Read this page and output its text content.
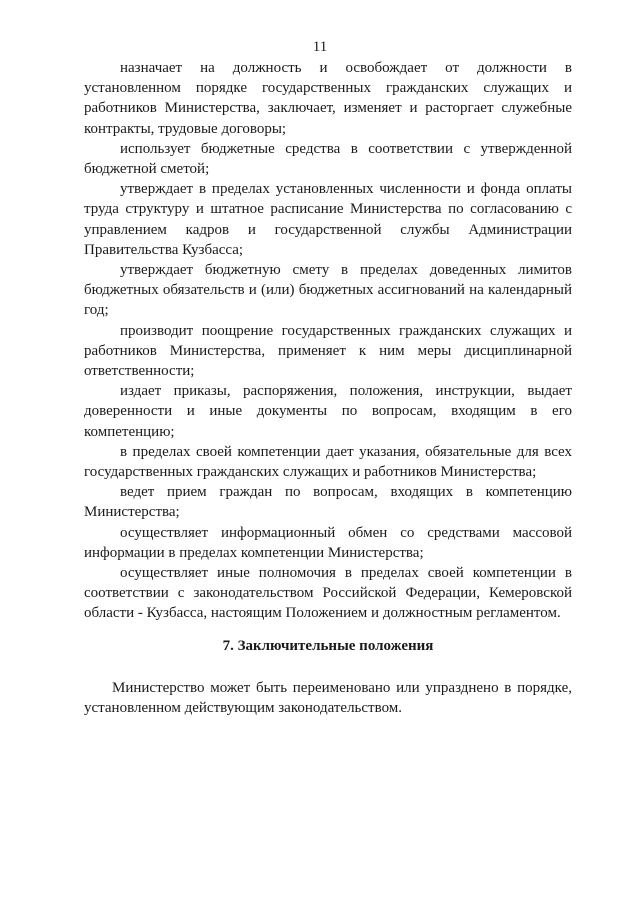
11

назначает на должность и освобождает от должности в установленном порядке государственных гражданских служащих и работников Министерства, заключает, изменяет и расторгает служебные контракты, трудовые договоры;

использует бюджетные средства в соответствии с утвержденной бюджетной сметой;

утверждает в пределах установленных численности и фонда оплаты труда структуру и штатное расписание Министерства по согласованию с управлением кадров и государственной службы Администрации Правительства Кузбасса;

утверждает бюджетную смету в пределах доведенных лимитов бюджетных обязательств и (или) бюджетных ассигнований на календарный год;

производит поощрение государственных гражданских служащих и работников Министерства, применяет к ним меры дисциплинарной ответственности;

издает приказы, распоряжения, положения, инструкции, выдает доверенности и иные документы по вопросам, входящим в его компетенцию;

в пределах своей компетенции дает указания, обязательные для всех государственных гражданских служащих и работников Министерства;

ведет прием граждан по вопросам, входящих в компетенцию Министерства;

осуществляет информационный обмен со средствами массовой информации в пределах компетенции Министерства;

осуществляет иные полномочия в пределах своей компетенции в соответствии с законодательством Российской Федерации, Кемеровской области - Кузбасса, настоящим Положением и должностным регламентом.

7. Заключительные положения

Министерство может быть переименовано или упразднено в порядке, установленном действующим законодательством.
